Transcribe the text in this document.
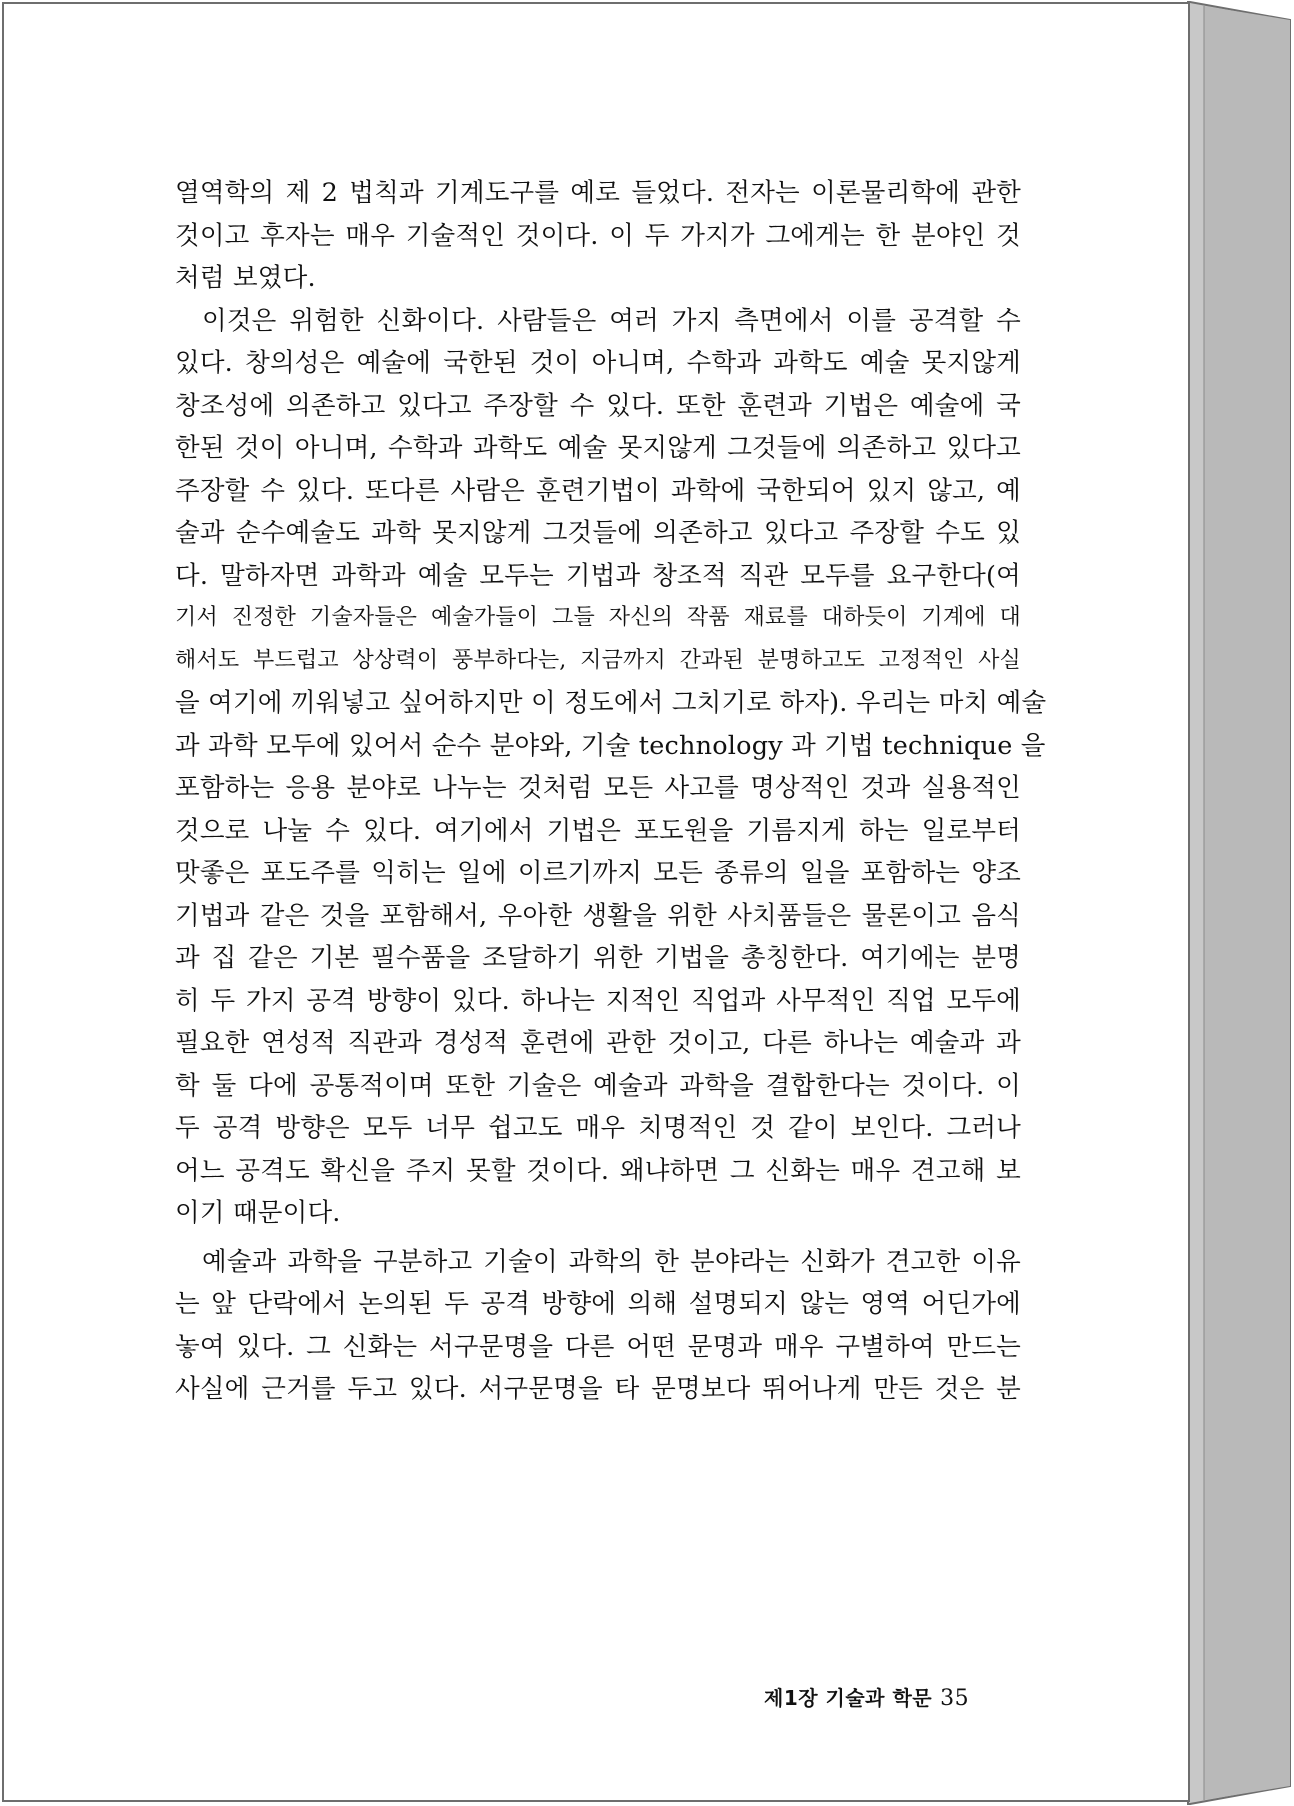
열역학의 제 2 법칙과 기계도구를 예로 들었다. 전자는 이론물리학에 관한
것이고 후자는 매우 기술적인 것이다. 이 두 가지가 그에게는 한 분야인 것
처럼 보였다.
이것은 위험한 신화이다. 사람들은 여러 가지 측면에서 이를 공격할 수
있다. 창의성은 예술에 국한된 것이 아니며, 수학과 과학도 예술 못지않게
창조성에 의존하고 있다고 주장할 수 있다. 또한 훈련과 기법은 예술에 국
한된 것이 아니며, 수학과 과학도 예술 못지않게 그것들에 의존하고 있다고
주장할 수 있다. 또다른 사람은 훈련기법이 과학에 국한되어 있지 않고, 예
술과 순수예술도 과학 못지않게 그것들에 의존하고 있다고 주장할 수도 있
다. 말하자면 과학과 예술 모두는 기법과 창조적 직관 모두를 요구한다(여
기서 진정한 기술자들은 예술가들이 그들 자신의 작품 재료를 대하듯이 기계에 대
해서도 부드럽고 상상력이 풍부하다는, 지금까지 간과된 분명하고도 고정적인 사실
을 여기에 끼워넣고 싶어하지만 이 정도에서 그치기로 하자). 우리는 마치 예술
과 과학 모두에 있어서 순수 분야와, 기술 technology 과 기법 technique 을
포함하는 응용 분야로 나누는 것처럼 모든 사고를 명상적인 것과 실용적인
것으로 나눌 수 있다. 여기에서 기법은 포도원을 기름지게 하는 일로부터
맛좋은 포도주를 익히는 일에 이르기까지 모든 종류의 일을 포함하는 양조
기법과 같은 것을 포함해서, 우아한 생활을 위한 사치품들은 물론이고 음식
과 집 같은 기본 필수품을 조달하기 위한 기법을 총칭한다. 여기에는 분명
히 두 가지 공격 방향이 있다. 하나는 지적인 직업과 사무적인 직업 모두에
필요한 연성적 직관과 경성적 훈련에 관한 것이고, 다른 하나는 예술과 과
학 둘 다에 공통적이며 또한 기술은 예술과 과학을 결합한다는 것이다. 이
두 공격 방향은 모두 너무 쉽고도 매우 치명적인 것 같이 보인다. 그러나
어느 공격도 확신을 주지 못할 것이다. 왜냐하면 그 신화는 매우 견고해 보
이기 때문이다.
예술과 과학을 구분하고 기술이 과학의 한 분야라는 신화가 견고한 이유
는 앞 단락에서 논의된 두 공격 방향에 의해 설명되지 않는 영역 어딘가에
놓여 있다. 그 신화는 서구문명을 다른 어떤 문명과 매우 구별하여 만드는
사실에 근거를 두고 있다. 서구문명을 타 문명보다 뛰어나게 만든 것은 분
제1장 기술과 학문 35
